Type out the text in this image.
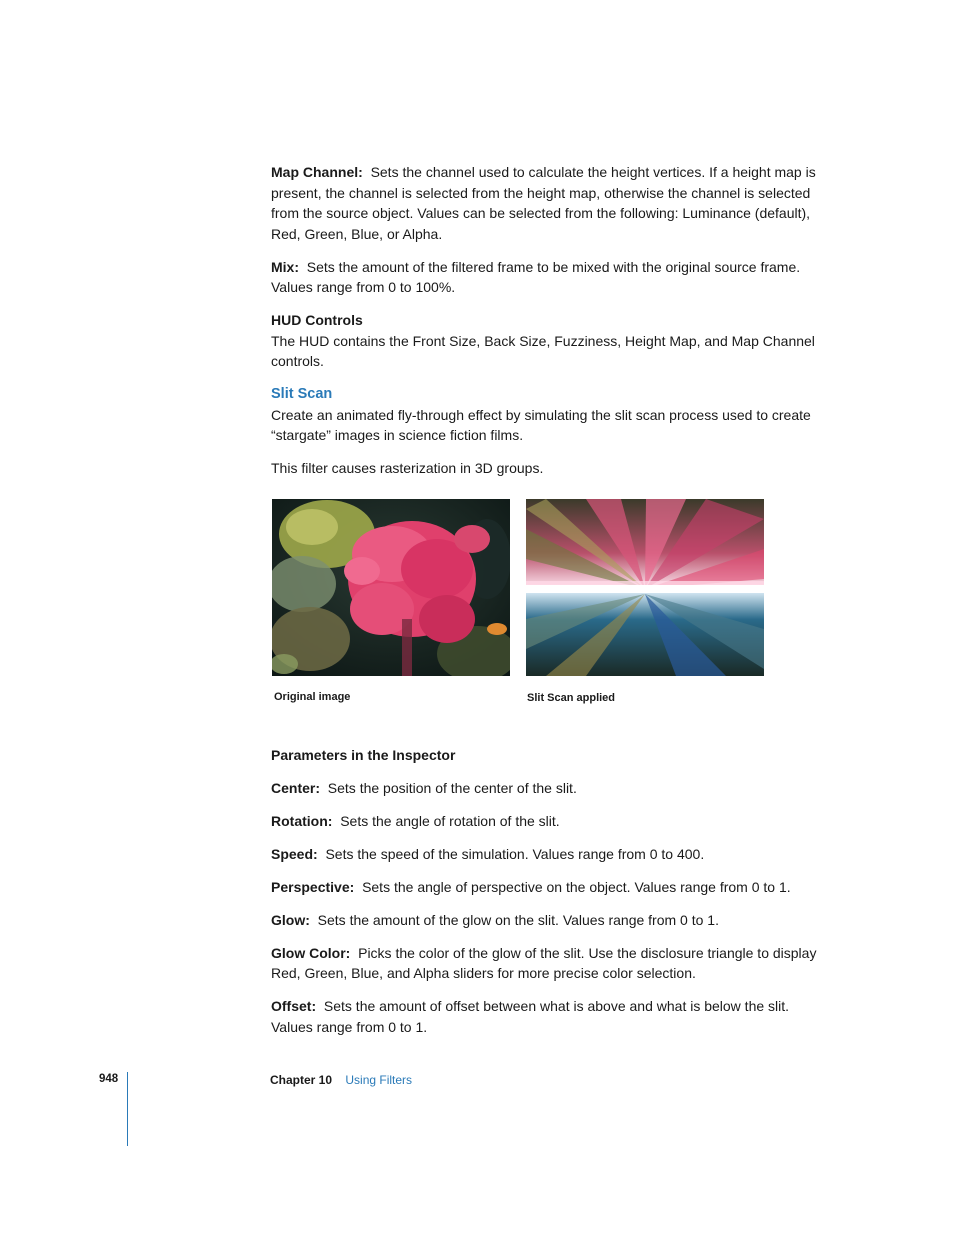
Map Channel: Sets the channel used to calculate the height vertices. If a height map is present, the channel is selected from the height map, otherwise the channel is selected from the source object. Values can be selected from the following: Luminance (default), Red, Green, Blue, or Alpha.

Mix: Sets the amount of the filtered frame to be mixed with the original source frame. Values range from 0 to 100%.

HUD Controls

The HUD contains the Front Size, Back Size, Fuzziness, Height Map, and Map Channel controls.

Slit Scan

Create an animated fly-through effect by simulating the slit scan process used to create “stargate” images in science fiction films.

This filter causes rasterization in 3D groups.

Original image	Slit Scan applied

Parameters in the Inspector

Center: Sets the position of the center of the slit.

Rotation: Sets the angle of rotation of the slit.

Speed: Sets the speed of the simulation. Values range from 0 to 400.

Perspective: Sets the angle of perspective on the object. Values range from 0 to 1.

Glow: Sets the amount of the glow on the slit. Values range from 0 to 1.

Glow Color: Picks the color of the glow of the slit. Use the disclosure triangle to display Red, Green, Blue, and Alpha sliders for more precise color selection.

Offset: Sets the amount of offset between what is above and what is below the slit. Values range from 0 to 1.

948	Chapter 10 Using Filters
